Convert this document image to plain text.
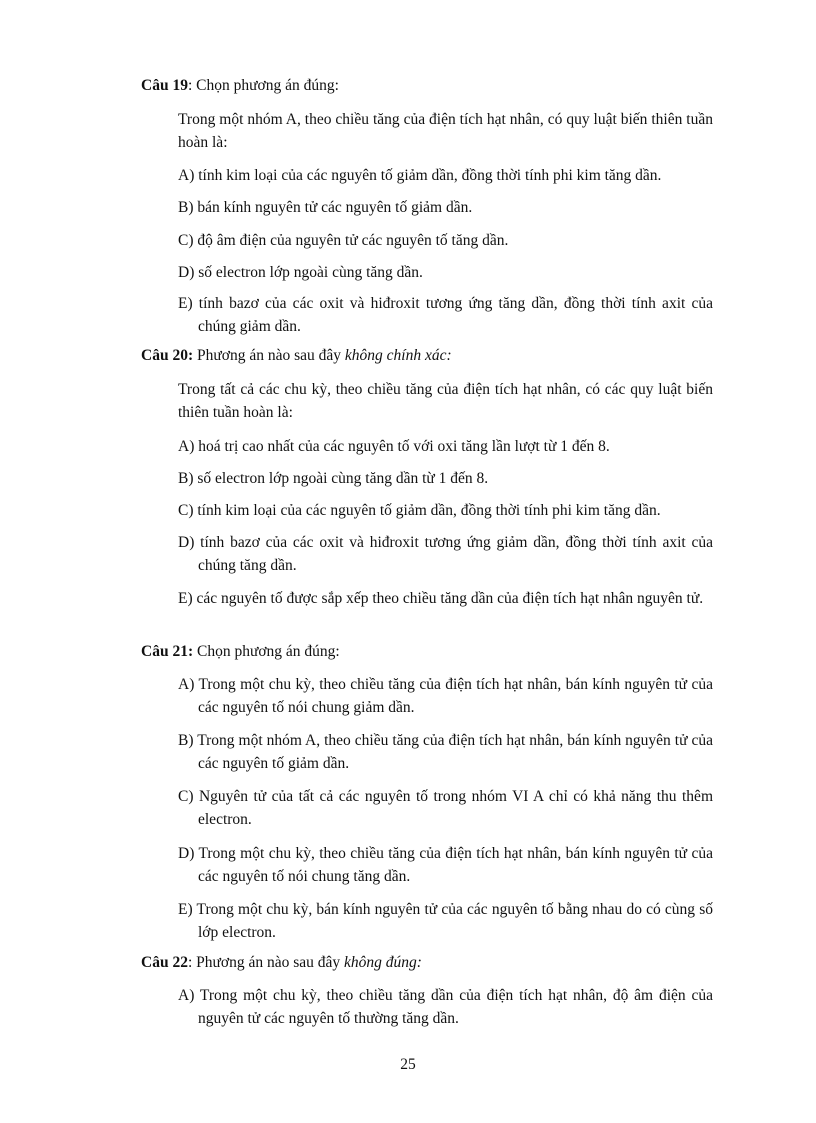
Câu 19: Chọn phương án đúng:
Trong một nhóm A, theo chiều tăng của điện tích hạt nhân, có quy luật biến thiên tuần hoàn là:
A) tính kim loại của các nguyên tố giảm dần, đồng thời tính phi kim tăng dần.
B) bán kính nguyên tử các nguyên tố giảm dần.
C) độ âm điện của nguyên tử các nguyên tố tăng dần.
D) số electron lớp ngoài cùng tăng dần.
E) tính bazơ của các oxit và hiđroxit tương ứng tăng dần, đồng thời tính axit của chúng giảm dần.
Câu 20: Phương án nào sau đây không chính xác:
Trong tất cả các chu kỳ, theo chiều tăng của điện tích hạt nhân, có các quy luật biến thiên tuần hoàn là:
A) hoá trị cao nhất của các nguyên tố với oxi tăng lần lượt từ 1 đến 8.
B) số electron lớp ngoài cùng tăng dần từ 1 đến 8.
C) tính kim loại của các nguyên tố giảm dần, đồng thời tính phi kim tăng dần.
D) tính bazơ của các oxit và hiđroxit tương ứng giảm dần, đồng thời tính axit của chúng tăng dần.
E) các nguyên tố được sắp xếp theo chiều tăng dần của điện tích hạt nhân nguyên tử.
Câu 21: Chọn phương án đúng:
A) Trong một chu kỳ, theo chiều tăng của điện tích hạt nhân, bán kính nguyên tử của các nguyên tố nói chung giảm dần.
B) Trong một nhóm A, theo chiều tăng của điện tích hạt nhân, bán kính nguyên tử của các nguyên tố giảm dần.
C) Nguyên tử của tất cả các nguyên tố trong nhóm VI A chỉ có khả năng thu thêm electron.
D) Trong một chu kỳ, theo chiều tăng của điện tích hạt nhân, bán kính nguyên tử của các nguyên tố nói chung tăng dần.
E) Trong một chu kỳ, bán kính nguyên tử của các nguyên tố bằng nhau do có cùng số lớp electron.
Câu 22: Phương án nào sau đây không đúng:
A) Trong một chu kỳ, theo chiều tăng dần của điện tích hạt nhân, độ âm điện của nguyên tử các nguyên tố thường tăng dần.
25
